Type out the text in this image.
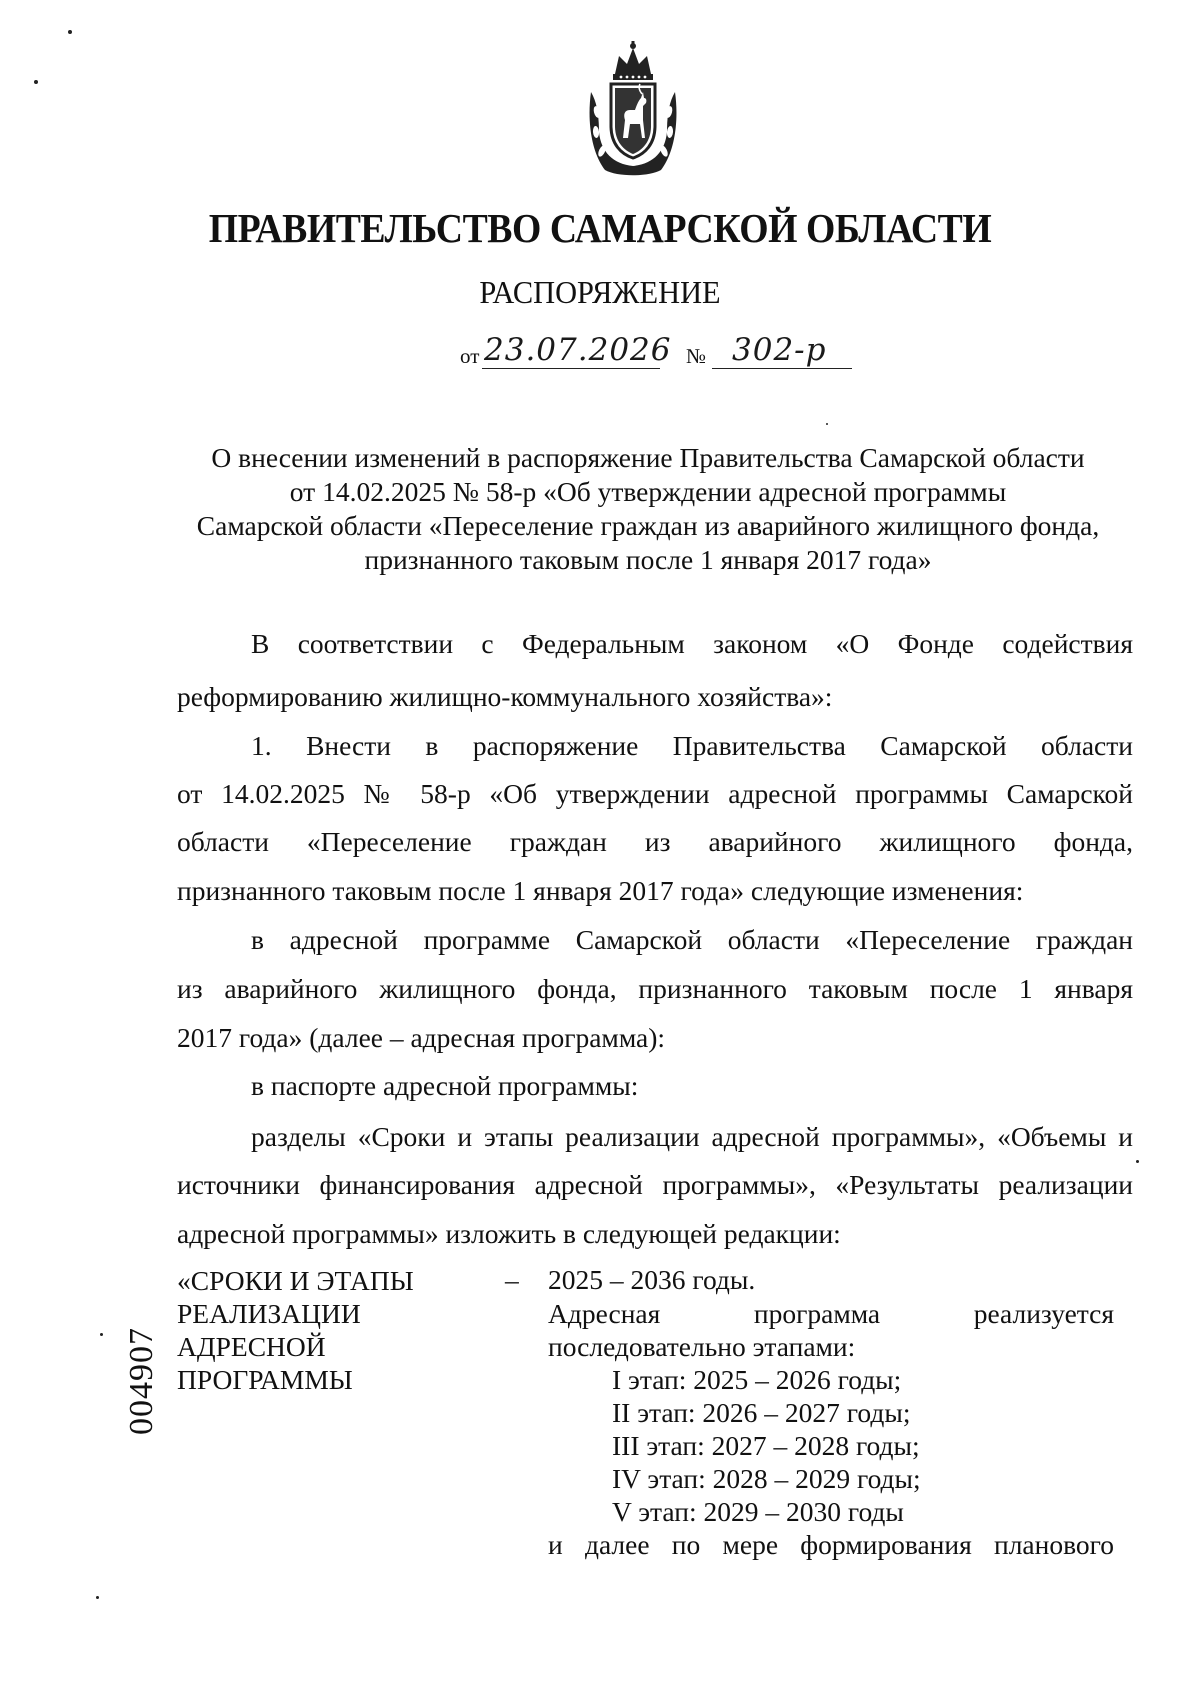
ПРАВИТЕЛЬСТВО САМАРСКОЙ ОБЛАСТИ
РАСПОРЯЖЕНИЕ
от 23.07.2026 № 302-р
О внесении изменений в распоряжение Правительства Самарской области
от 14.02.2025 № 58-р «Об утверждении адресной программы
Самарской области «Переселение граждан из аварийного жилищного фонда,
признанного таковым после 1 января 2017 года»
В соответствии с Федеральным законом «О Фонде содействия
реформированию жилищно-коммунального хозяйства»:
1. Внести в распоряжение Правительства Самарской области
от 14.02.2025 № 58-р «Об утверждении адресной программы Самарской
области «Переселение граждан из аварийного жилищного фонда,
признанного таковым после 1 января 2017 года» следующие изменения:
в адресной программе Самарской области «Переселение граждан
из аварийного жилищного фонда, признанного таковым после 1 января
2017 года» (далее – адресная программа):
в паспорте адресной программы:
разделы «Сроки и этапы реализации адресной программы», «Объемы и
источники финансирования адресной программы», «Результаты реализации
адресной программы» изложить в следующей редакции:
«СРОКИ И ЭТАПЫ
РЕАЛИЗАЦИИ
АДРЕСНОЙ
ПРОГРАММЫ
– 2025 – 2036 годы.
Адресная программа реализуется
последовательно этапами:
I этап: 2025 – 2026 годы;
II этап: 2026 – 2027 годы;
III этап: 2027 – 2028 годы;
IV этап: 2028 – 2029 годы;
V этап: 2029 – 2030 годы
и далее по мере формирования планового
004907
